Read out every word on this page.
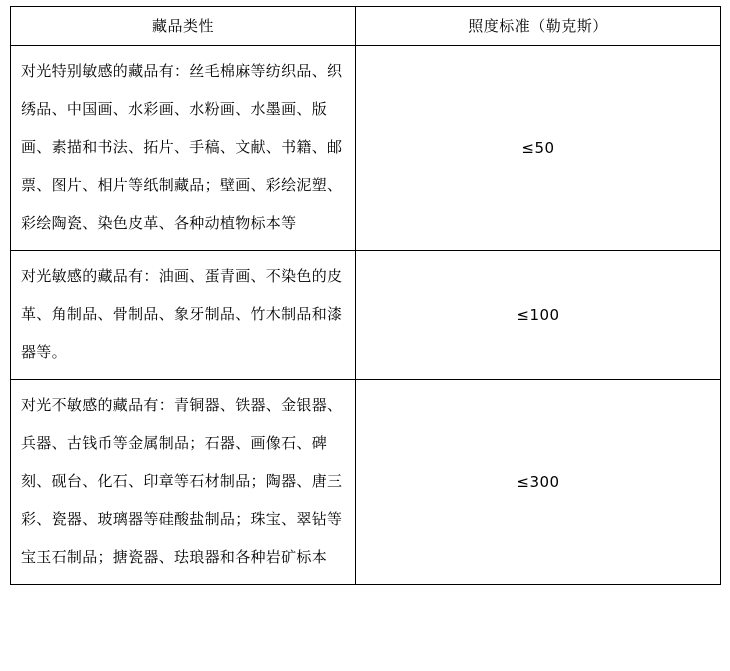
藏品类性	照度标准（勒克斯）

对光特别敏感的藏品有：丝毛棉麻等纺织品、织绣品、中国画、水彩画、水粉画、水墨画、版画、素描和书法、拓片、手稿、文献、书籍、邮票、图片、相片等纸制藏品；壁画、彩绘泥塑、彩绘陶瓷、染色皮革、各种动植物标本等	≤50

对光敏感的藏品有：油画、蛋青画、不染色的皮革、角制品、骨制品、象牙制品、竹木制品和漆器等。	≤100

对光不敏感的藏品有：青铜器、铁器、金银器、兵器、古钱币等金属制品；石器、画像石、碑刻、砚台、化石、印章等石材制品；陶器、唐三彩、瓷器、玻璃器等硅酸盐制品；珠宝、翠钻等宝玉石制品；搪瓷器、珐琅器和各种岩矿标本	≤300
